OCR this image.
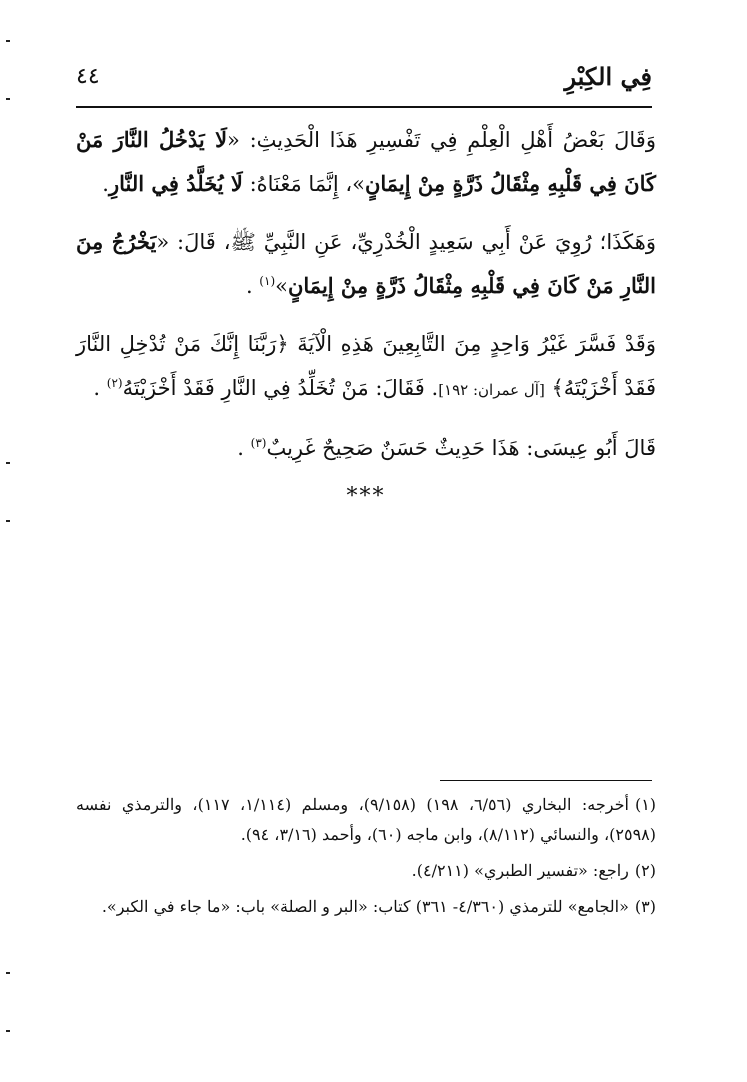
فِي الكِبْرِ
٤٤

وَقَالَ بَعْضُ أَهْلِ الْعِلْمِ فِي تَفْسِيرِ هَذَا الْحَدِيثِ: «لَا يَدْخُلُ النَّارَ مَنْ كَانَ فِي قَلْبِهِ مِثْقَالُ ذَرَّةٍ مِنْ إِيمَانٍ»، إِنَّمَا مَعْنَاهُ: لَا يُخَلَّدُ فِي النَّارِ.

وَهَكَذَا؛ رُوِيَ عَنْ أَبِي سَعِيدٍ الْخُدْرِيِّ، عَنِ النَّبِيِّ ﷺ، قَالَ: «يَخْرُجُ مِنَ النَّارِ مَنْ كَانَ فِي قَلْبِهِ مِثْقَالُ ذَرَّةٍ مِنْ إِيمَانٍ»$^{(١)}$ .

وَقَدْ فَسَّرَ غَيْرُ وَاحِدٍ مِنَ التَّابِعِينَ هَذِهِ الْآيَةَ ﴿رَبَّنَا إِنَّكَ مَنْ تُدْخِلِ النَّارَ فَقَدْ أَخْزَيْتَهُ﴾ [آل عمران: ١٩٢]. فَقَالَ: مَنْ تُخَلِّدُ فِي النَّارِ فَقَدْ أَخْزَيْتَهُ$^{(٢)}$ .

قَالَ أَبُو عِيسَى: هَذَا حَدِيثٌ حَسَنٌ صَحِيحٌ غَرِيبٌ$^{(٣)}$ .

***

(١)أخرجه: البخاري (٦/٥٦، ١٩٨) (٩/١٥٨)، ومسلم (١/١١٤، ١١٧)، والترمذي نفسه (٢٥٩٨)، والنسائي (٨/١١٢)، وابن ماجه (٦٠)، وأحمد (٣/١٦، ٩٤).

(٢)راجع: «تفسير الطبري» (٤/٢١١).

(٣)«الجامع» للترمذي (٤/٣٦٠- ٣٦١) كتاب: «البر و الصلة» باب: «ما جاء في الكبر».
